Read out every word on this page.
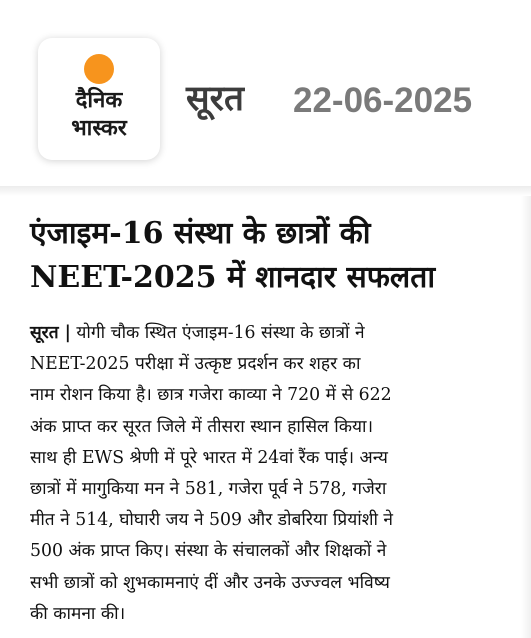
दैनिक
भास्कर
सूरत 22-06-2025
एंजाइम-16 संस्था के छात्रों की
NEET-2025 में शानदार सफलता
सूरत | योगी चौक स्थित एंजाइम-16 संस्था के छात्रों ने
NEET-2025 परीक्षा में उत्कृष्ट प्रदर्शन कर शहर का
नाम रोशन किया है। छात्र गजेरा काव्या ने 720 में से 622
अंक प्राप्त कर सूरत जिले में तीसरा स्थान हासिल किया।
साथ ही EWS श्रेणी में पूरे भारत में 24वां रैंक पाई। अन्य
छात्रों में मागुकिया मन ने 581, गजेरा पूर्व ने 578, गजेरा
मीत ने 514, घोघारी जय ने 509 और डोबरिया प्रियांशी ने
500 अंक प्राप्त किए। संस्था के संचालकों और शिक्षकों ने
सभी छात्रों को शुभकामनाएं दीं और उनके उज्ज्वल भविष्य
की कामना की।
